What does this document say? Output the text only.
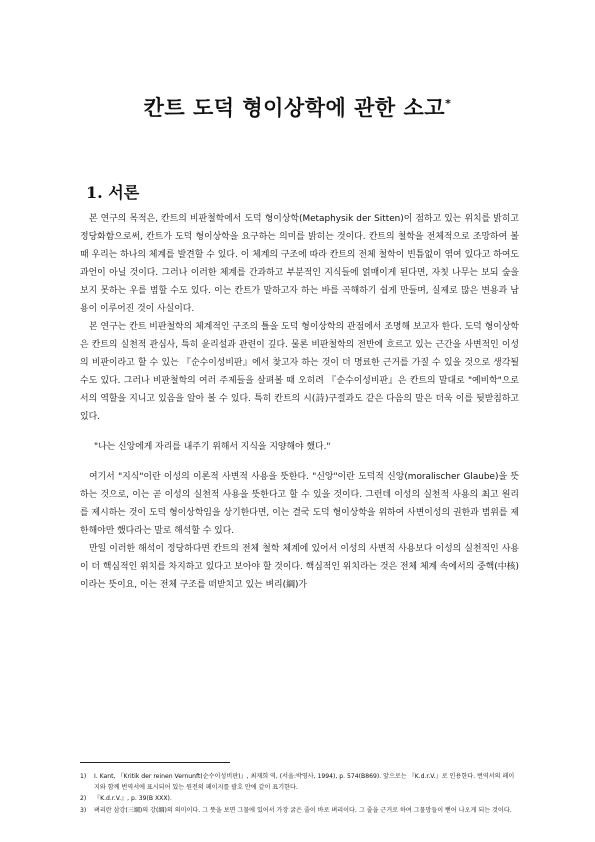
칸트 도덕 형이상학에 관한 소고*
1. 서론

본 연구의 목적은, 칸트의 비판철학에서 도덕 형이상학(Metaphysik der Sitten)이 점하고 있는 위치를 밝히고 정당화함으로써, 칸트가 도덕 형이상학을 요구하는 의미를 밝히는 것이다. 칸트의 철학을 전체적으로 조망하여 볼 때 우리는 하나의 체계를 발견할 수 있다. 이 체계의 구조에 따라 칸트의 전체 철학이 빈틈없이 엮여 있다고 하여도 과언이 아닐 것이다. 그러나 이러한 체계를 간과하고 부분적인 지식들에 얽매이게 된다면, 자칫 나무는 보되 숲을 보지 못하는 우를 범할 수도 있다. 이는 칸트가 말하고자 하는 바를 곡해하기 쉽게 만들며, 실제로 많은 변용과 남용이 이루어진 것이 사실이다.

본 연구는 칸트 비판철학의 체계적인 구조의 틀을 도덕 형이상학의 관점에서 조명해 보고자 한다. 도덕 형이상학은 칸트의 실천적 관심사, 특히 윤리설과 관련이 깊다. 물론 비판철학의 전반에 흐르고 있는 근간을 사변적인 이성의 비판이라고 할 수 있는 『순수이성비판』에서 찾고자 하는 것이 더 명료한 근거를 가질 수 있을 것으로 생각될 수도 있다. 그러나 비판철학의 여러 주제들을 살펴볼 때 오히려 『순수이성비판』은 칸트의 말대로 "예비학"으로서의 역할을 지니고 있음을 알아 볼 수 있다. 특히 칸트의 시(詩)구절과도 같은 다음의 말은 더욱 이를 뒷받침하고 있다.

"나는 신앙에게 자리를 내주기 위해서 지식을 지양해야 했다."

여기서 "지식"이란 이성의 이론적 사변적 사용을 뜻한다. "신앙"이란 도덕적 신앙(moralischer Glaube)을 뜻하는 것으로, 이는 곧 이성의 실천적 사용을 뜻한다고 할 수 있을 것이다. 그런데 이성의 실천적 사용의 최고 원리를 제시하는 것이 도덕 형이상학임을 상기한다면, 이는 결국 도덕 형이상학을 위하여 사변이성의 권한과 범위를 제한해야만 했다라는 말로 해석할 수 있다.

만일 이러한 해석이 정당하다면 칸트의 전체 철학 체계에 있어서 이성의 사변적 사용보다 이성의 실천적인 사용이 더 핵심적인 위치를 차지하고 있다고 보아야 할 것이다. 핵심적인 위치라는 것은 전체 체계 속에서의 중핵(中核)이라는 뜻이요, 이는 전체 구조를 떠받치고 있는 벼리(綱)가

1)	I. Kant, 『Kritik der reinen Vernunft(순수이성비판)』, 최재희 역, (서울:박영사, 1994), p. 574(B869). 앞으로는 『K.d.r.V.』로 인용한다. 번역서의 페이지와 함께 번역서에 표시되어 있는 원전의 페이지를 괄호 안에 같이 표기한다.
2)	『K.d.r.V.』, p. 39(B XXX).
3)	벼리란 삼강(三綱)의 강(綱)의 의미이다. 그 뜻을 보면 그물에 있어서 가장 굵은 줄이 바로 벼리이다. 그 줄을 근거로 하여 그물망들이 뻗어 나오게 되는 것이다.
